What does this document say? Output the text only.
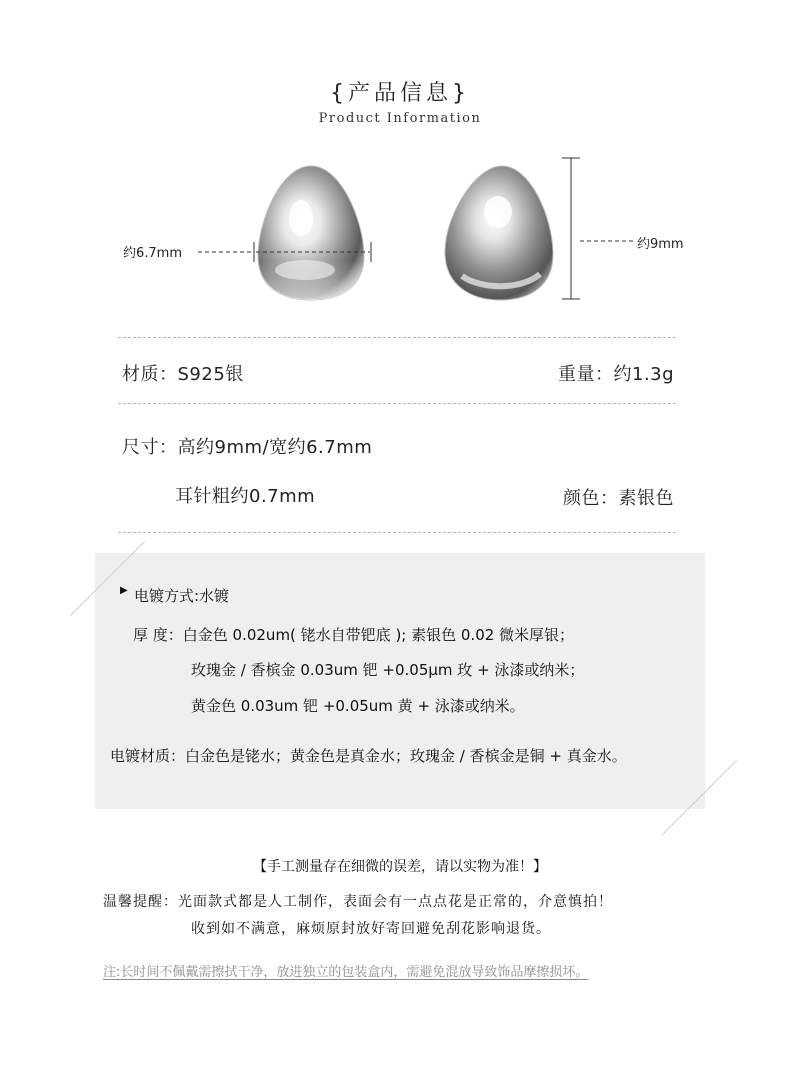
{产品信息}
Product Information
约6.7mm
约9mm
材质：S925银	重量：约1.3g
尺寸：高约9mm/宽约6.7mm
耳针粗约0.7mm	颜色：素银色
▶ 电镀方式:水镀
厚 度：白金色 0.02um( 铑水自带钯底 ); 素银色 0.02 微米厚银；
玫瑰金 / 香槟金 0.03um 钯 +0.05μm 玫 + 泳漆或纳米；
黄金色 0.03um 钯 +0.05um 黄 + 泳漆或纳米。
电镀材质：白金色是铑水；黄金色是真金水；玫瑰金 / 香槟金是铜 + 真金水。
【手工测量存在细微的误差，请以实物为准！】
温馨提醒：光面款式都是人工制作，表面会有一点点花是正常的，介意慎拍！
收到如不满意，麻烦原封放好寄回避免刮花影响退货。
注:长时间不佩戴需擦拭干净，放进独立的包装盒内，需避免混放导致饰品摩擦损坏。
